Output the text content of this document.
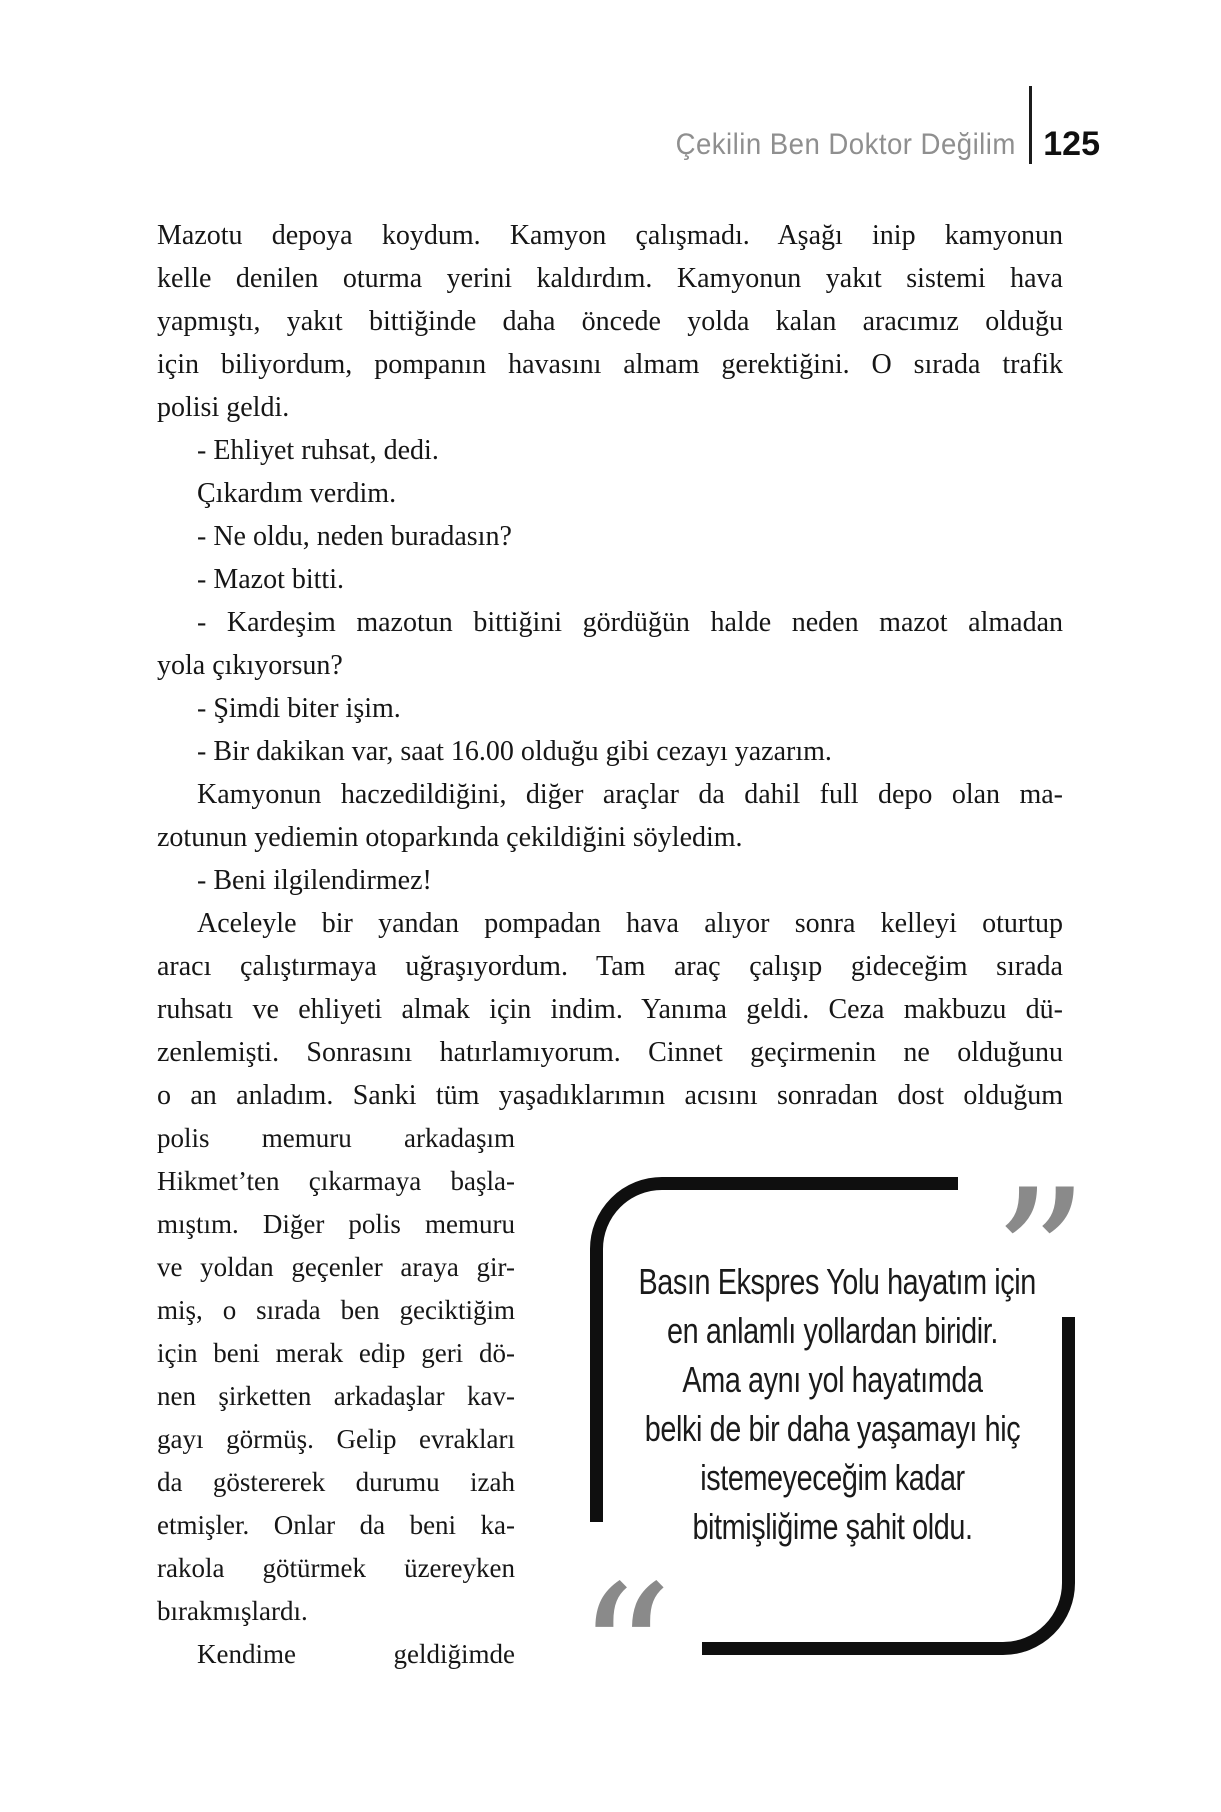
Çekilin Ben Doktor Değilim 125
Mazotu depoya koydum. Kamyon çalışmadı. Aşağı inip kamyonun
kelle denilen oturma yerini kaldırdım. Kamyonun yakıt sistemi hava
yapmıştı, yakıt bittiğinde daha öncede yolda kalan aracımız olduğu
için biliyordum, pompanın havasını almam gerektiğini. O sırada trafik
polisi geldi.
- Ehliyet ruhsat, dedi.
Çıkardım verdim.
- Ne oldu, neden buradasın?
- Mazot bitti.
- Kardeşim mazotun bittiğini gördüğün halde neden mazot almadan
yola çıkıyorsun?
- Şimdi biter işim.
- Bir dakikan var, saat 16.00 olduğu gibi cezayı yazarım.
Kamyonun haczedildiğini, diğer araçlar da dahil full depo olan ma-
zotunun yediemin otoparkında çekildiğini söyledim.
- Beni ilgilendirmez!
Aceleyle bir yandan pompadan hava alıyor sonra kelleyi oturtup
aracı çalıştırmaya uğraşıyordum. Tam araç çalışıp gideceğim sırada
ruhsatı ve ehliyeti almak için indim. Yanıma geldi. Ceza makbuzu dü-
zenlemişti. Sonrasını hatırlamıyorum. Cinnet geçirmenin ne olduğunu
o an anladım. Sanki tüm yaşadıklarımın acısını sonradan dost olduğum
polis memuru arkadaşım
Hikmet’ten çıkarmaya başla-
mıştım. Diğer polis memuru
ve yoldan geçenler araya gir-
miş, o sırada ben geciktiğim
için beni merak edip geri dö-
nen şirketten arkadaşlar kav-
gayı görmüş. Gelip evrakları
da göstererek durumu izah
etmişler. Onlar da beni ka-
rakola götürmek üzereyken
bırakmışlardı.
Kendime geldiğimde
”
“
Basın Ekspres Yolu hayatım için
en anlamlı yollardan biridir.
Ama aynı yol hayatımda
belki de bir daha yaşamayı hiç
istemeyeceğim kadar
bitmişliğime şahit oldu.
